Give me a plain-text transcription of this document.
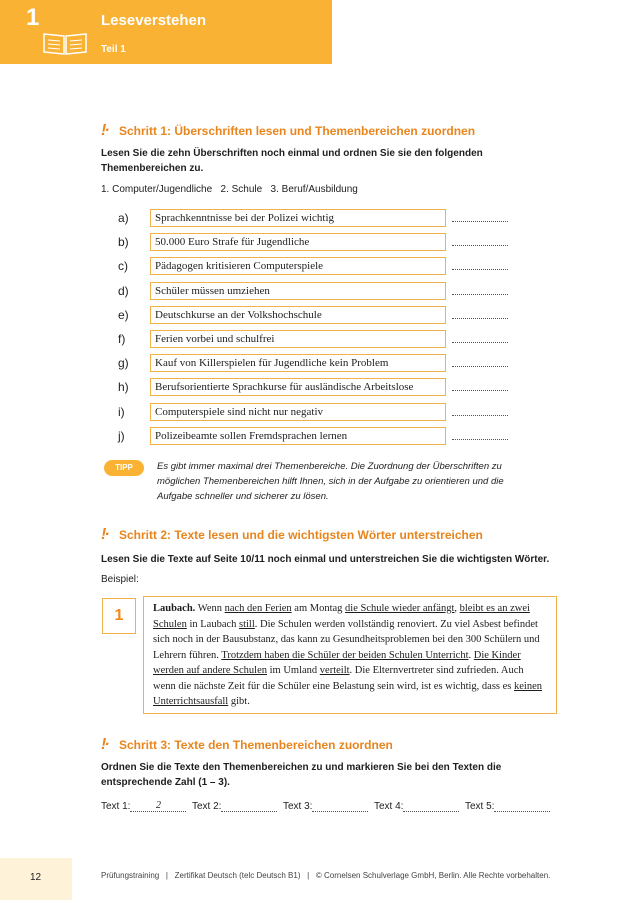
1	Leseverstehen
Teil 1
!· Schritt 1: Überschriften lesen und Themenbereichen zuordnen
Lesen Sie die zehn Überschriften noch einmal und ordnen Sie sie den folgenden Themenbereichen zu.
1. Computer/Jugendliche   2. Schule   3. Beruf/Ausbildung
a)	Sprachkenntnisse bei der Polizei wichtig
b)	50.000 Euro Strafe für Jugendliche
c)	Pädagogen kritisieren Computerspiele
d)	Schüler müssen umziehen
e)	Deutschkurse an der Volkshochschule
f)	Ferien vorbei und schulfrei
g)	Kauf von Killerspielen für Jugendliche kein Problem
h)	Berufsorientierte Sprachkurse für ausländische Arbeitslose
i)	Computerspiele sind nicht nur negativ
j)	Polizeibeamte sollen Fremdsprachen lernen
TIPP	Es gibt immer maximal drei Themenbereiche. Die Zuordnung der Überschriften zu möglichen Themenbereichen hilft Ihnen, sich in der Aufgabe zu orientieren und die Aufgabe schneller und sicherer zu lösen.
!· Schritt 2: Texte lesen und die wichtigsten Wörter unterstreichen
Lesen Sie die Texte auf Seite 10/11 noch einmal und unterstreichen Sie die wichtigsten Wörter.
Beispiel:
1	Laubach. Wenn nach den Ferien am Montag die Schule wieder anfängt, bleibt es an zwei Schulen in Laubach still. Die Schulen werden vollständig renoviert. Zu viel Asbest befindet sich noch in der Bausubstanz, das kann zu Gesundheitsproblemen bei den 300 Schülern und Lehrern führen. Trotzdem haben die Schüler der beiden Schulen Unterricht. Die Kinder werden auf andere Schulen im Umland verteilt. Die Elternvertreter sind zufrieden. Auch wenn die nächste Zeit für die Schüler eine Belastung sein wird, ist es wichtig, dass es keinen Unterrichtsausfall gibt.
!· Schritt 3: Texte den Themenbereichen zuordnen
Ordnen Sie die Texte den Themenbereichen zu und markieren Sie bei den Texten die entsprechende Zahl (1 – 3).
Text 1:	2	Text 2:	Text 3:	Text 4:	Text 5:
12	Prüfungstraining   |   Zertifikat Deutsch (telc Deutsch B1)   |   © Cornelsen Schulverlage GmbH, Berlin. Alle Rechte vorbehalten.
